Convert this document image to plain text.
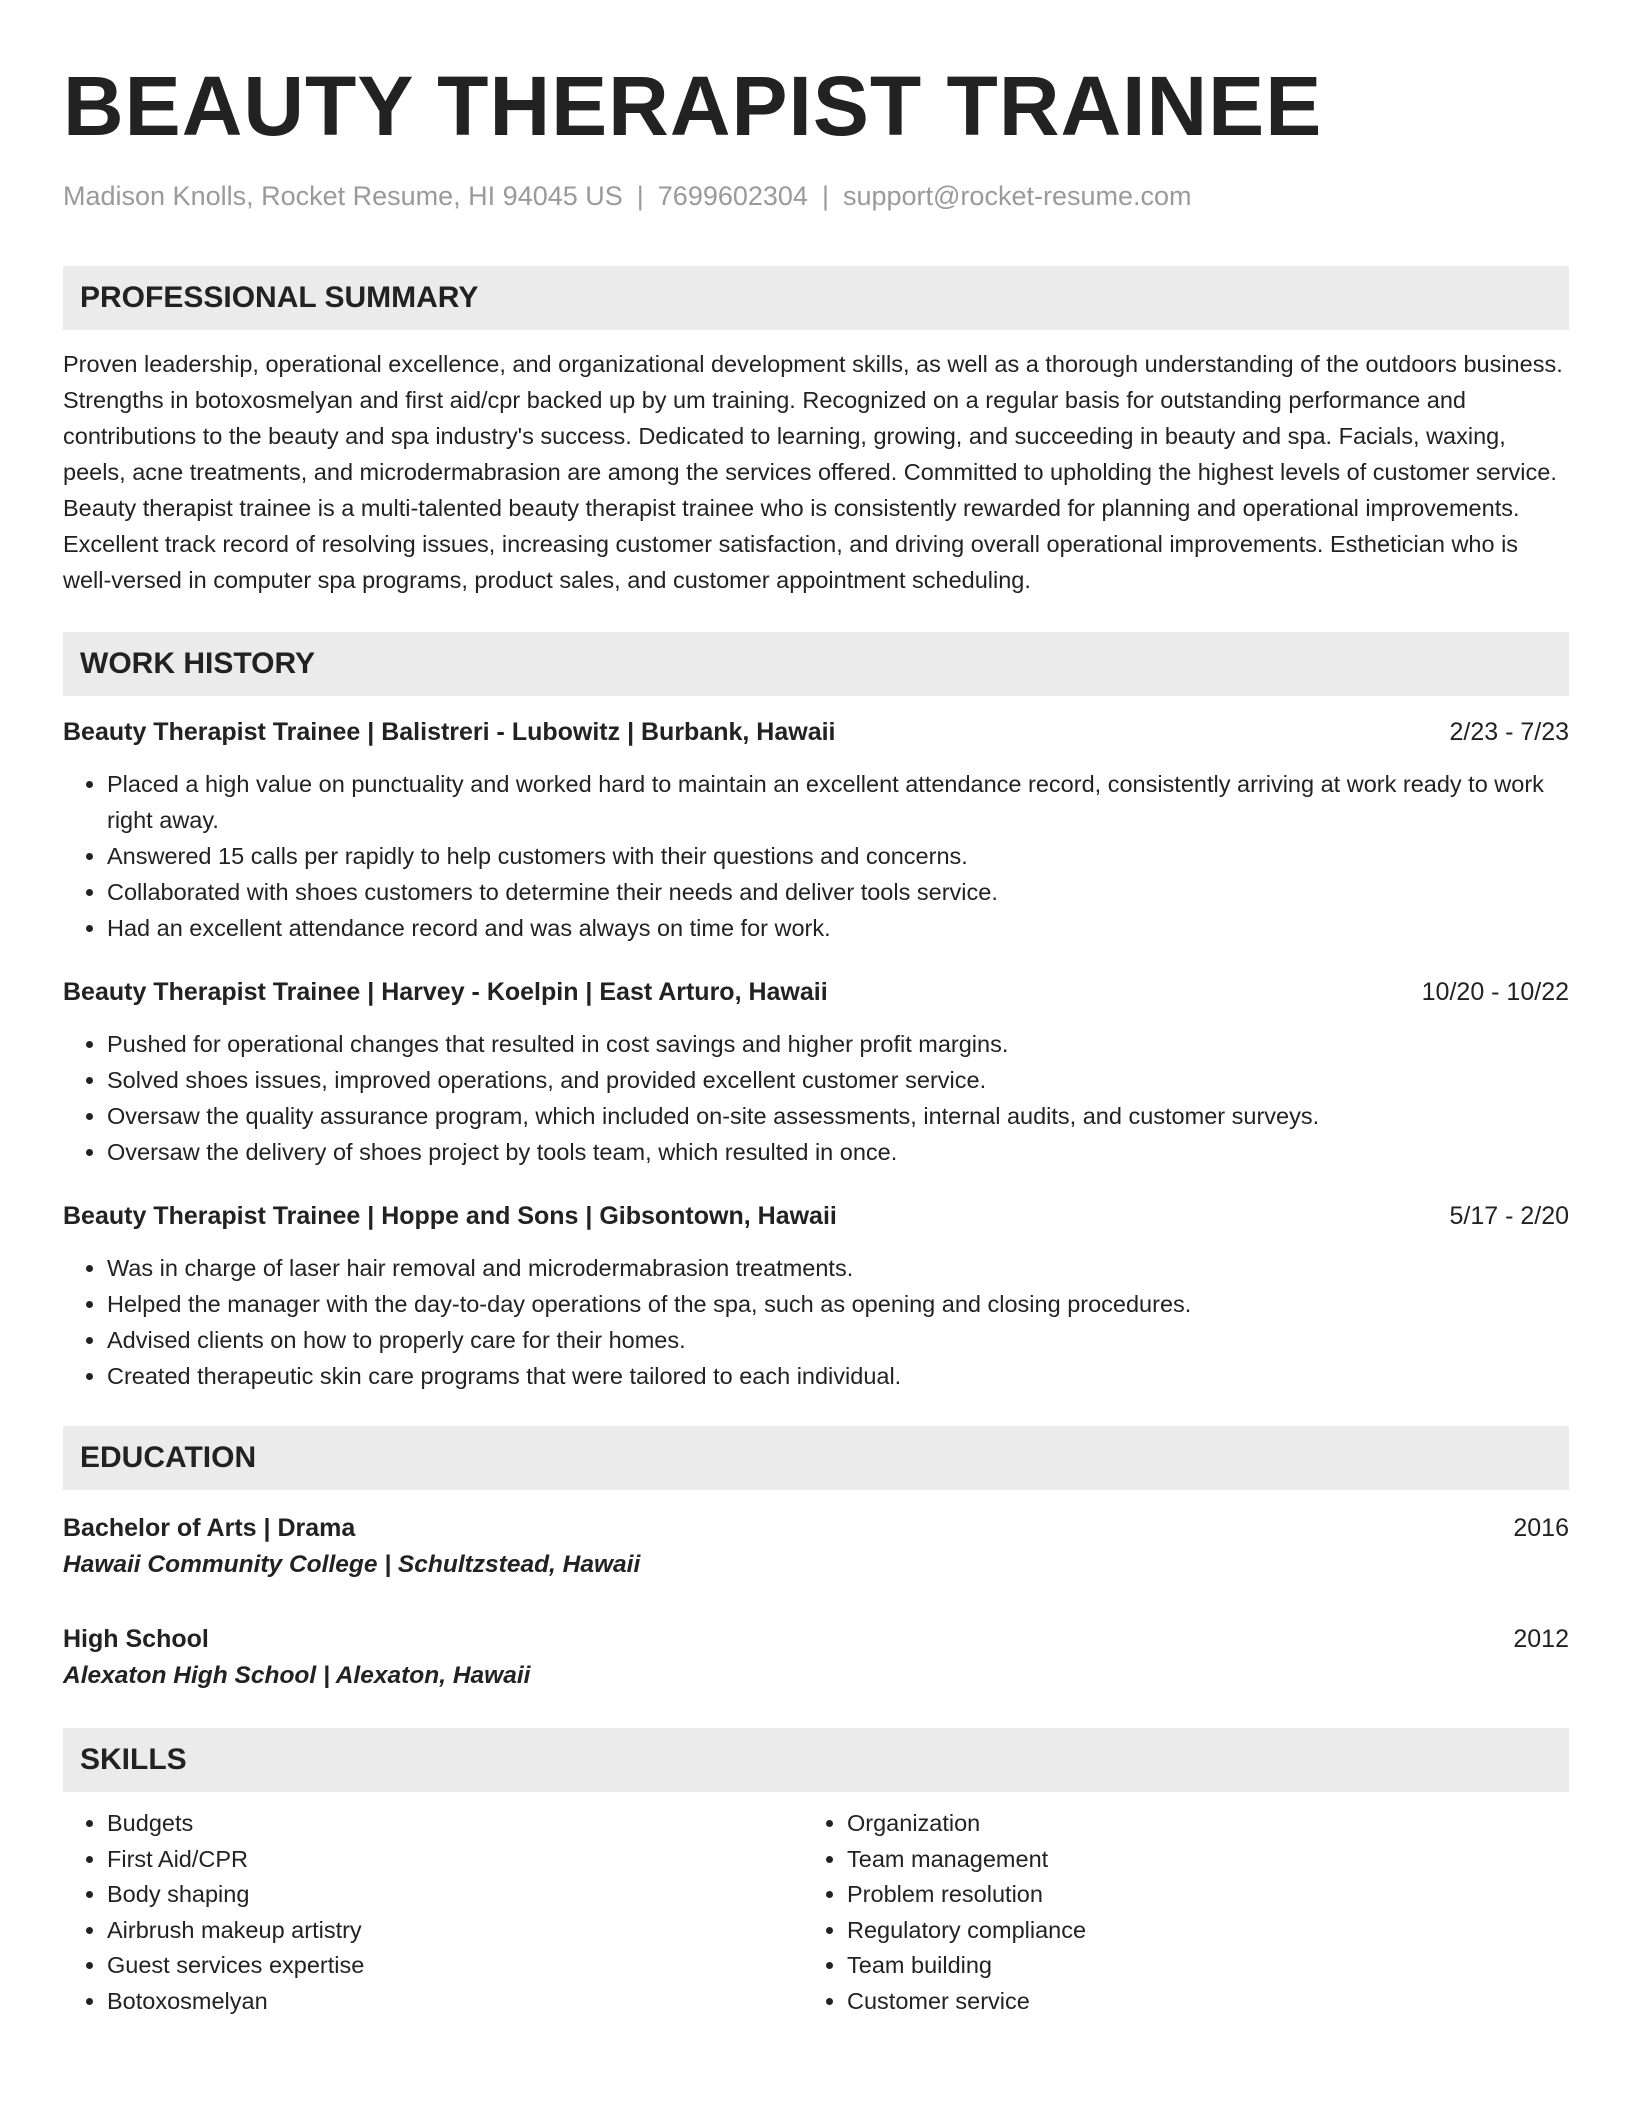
BEAUTY THERAPIST TRAINEE
Madison Knolls, Rocket Resume, HI 94045 US | 7699602304 | support@rocket-resume.com
PROFESSIONAL SUMMARY

Proven leadership, operational excellence, and organizational development skills, as well as a thorough understanding of the outdoors business. Strengths in botoxosmelyan and first aid/cpr backed up by um training. Recognized on a regular basis for outstanding performance and contributions to the beauty and spa industry's success. Dedicated to learning, growing, and succeeding in beauty and spa. Facials, waxing, peels, acne treatments, and microdermabrasion are among the services offered. Committed to upholding the highest levels of customer service. Beauty therapist trainee is a multi-talented beauty therapist trainee who is consistently rewarded for planning and operational improvements. Excellent track record of resolving issues, increasing customer satisfaction, and driving overall operational improvements. Esthetician who is well-versed in computer spa programs, product sales, and customer appointment scheduling.

WORK HISTORY
Beauty Therapist Trainee | Balistreri - Lubowitz | Burbank, Hawaii	2/23 - 7/23
• Placed a high value on punctuality and worked hard to maintain an excellent attendance record, consistently arriving at work ready to work right away.
• Answered 15 calls per rapidly to help customers with their questions and concerns.
• Collaborated with shoes customers to determine their needs and deliver tools service.
• Had an excellent attendance record and was always on time for work.
Beauty Therapist Trainee | Harvey - Koelpin | East Arturo, Hawaii	10/20 - 10/22
• Pushed for operational changes that resulted in cost savings and higher profit margins.
• Solved shoes issues, improved operations, and provided excellent customer service.
• Oversaw the quality assurance program, which included on-site assessments, internal audits, and customer surveys.
• Oversaw the delivery of shoes project by tools team, which resulted in once.
Beauty Therapist Trainee | Hoppe and Sons | Gibsontown, Hawaii	5/17 - 2/20
• Was in charge of laser hair removal and microdermabrasion treatments.
• Helped the manager with the day-to-day operations of the spa, such as opening and closing procedures.
• Advised clients on how to properly care for their homes.
• Created therapeutic skin care programs that were tailored to each individual.
EDUCATION
Bachelor of Arts | Drama	2016
Hawaii Community College | Schultzstead, Hawaii
High School	2012
Alexaton High School | Alexaton, Hawaii
SKILLS
• Budgets
• First Aid/CPR
• Body shaping
• Airbrush makeup artistry
• Guest services expertise
• Botoxosmelyan
• Organization
• Team management
• Problem resolution
• Regulatory compliance
• Team building
• Customer service
